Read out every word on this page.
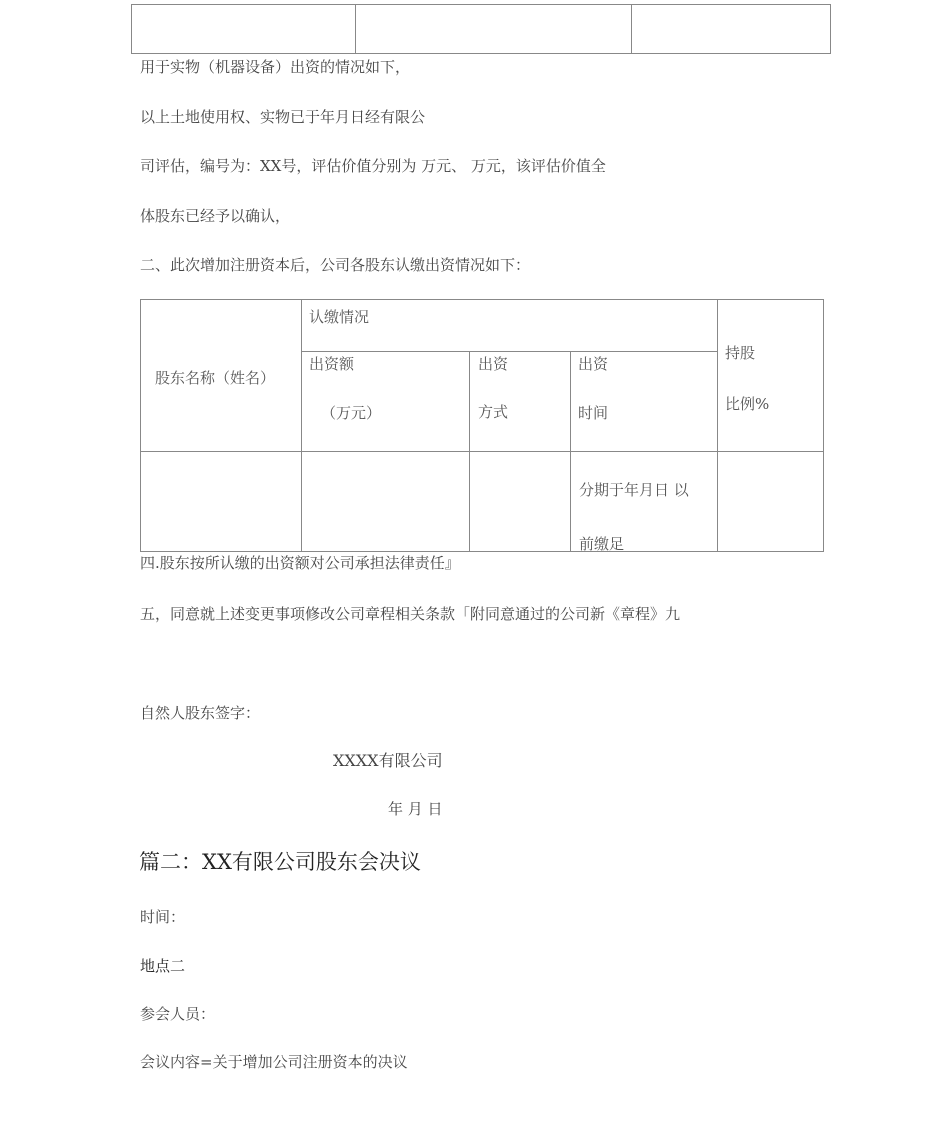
用于实物（机器设备）出资的情况如下，
以上土地使用权、实物已于年月日经有限公
司评估，编号为：XX号，评估价值分别为 万元、 万元，该评估价值全
体股东已经予以确认，
二、此次增加注册资本后，公司各股东认缴出资情况如下：
股东名称（姓名）
认缴情况
出资额
（万元）
出资
方式
出资
时间
持股
比例%
分期于年月日 以
前缴足
四.股东按所认缴的出资额对公司承担法律责任』
五，同意就上述变更事项修改公司章程相关条款「附同意通过的公司新《章程》九
自然人股东签字：
XXXX有限公司
年 月 日
篇二：XX有限公司股东会决议
时间：
地点二
参会人员：
会议内容=关于增加公司注册资本的决议
